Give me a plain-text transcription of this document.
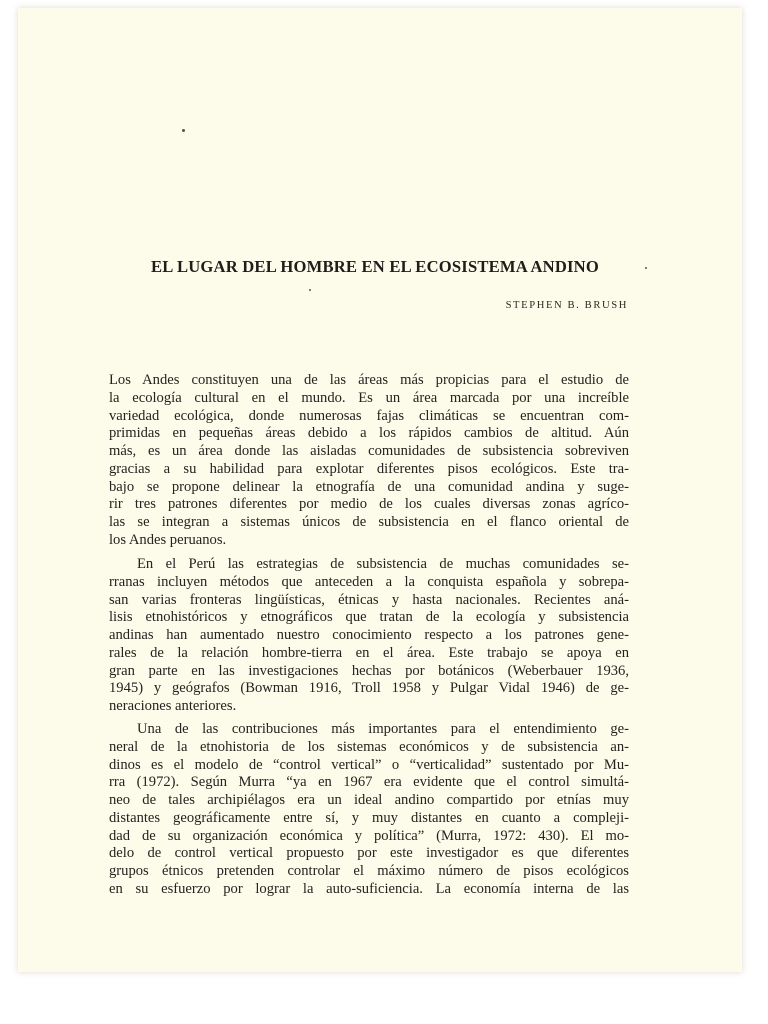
EL LUGAR DEL HOMBRE EN EL ECOSISTEMA ANDINO
STEPHEN B. BRUSH
Los Andes constituyen una de las áreas más propicias para el estudio de
la ecología cultural en el mundo. Es un área marcada por una increíble
variedad ecológica, donde numerosas fajas climáticas se encuentran com-
primidas en pequeñas áreas debido a los rápidos cambios de altitud. Aún
más, es un área donde las aisladas comunidades de subsistencia sobreviven
gracias a su habilidad para explotar diferentes pisos ecológicos. Este tra-
bajo se propone delinear la etnografía de una comunidad andina y suge-
rir tres patrones diferentes por medio de los cuales diversas zonas agríco-
las se integran a sistemas únicos de subsistencia en el flanco oriental de
los Andes peruanos.
En el Perú las estrategias de subsistencia de muchas comunidades se-
rranas incluyen métodos que anteceden a la conquista española y sobrepa-
san varias fronteras lingüísticas, étnicas y hasta nacionales. Recientes aná-
lisis etnohistóricos y etnográficos que tratan de la ecología y subsistencia
andinas han aumentado nuestro conocimiento respecto a los patrones gene-
rales de la relación hombre-tierra en el área. Este trabajo se apoya en
gran parte en las investigaciones hechas por botánicos (Weberbauer 1936,
1945) y geógrafos (Bowman 1916, Troll 1958 y Pulgar Vidal 1946) de ge-
neraciones anteriores.
Una de las contribuciones más importantes para el entendimiento ge-
neral de la etnohistoria de los sistemas económicos y de subsistencia an-
dinos es el modelo de “control vertical” o “verticalidad” sustentado por Mu-
rra (1972). Según Murra “ya en 1967 era evidente que el control simultá-
neo de tales archipiélagos era un ideal andino compartido por etnías muy
distantes geográficamente entre sí, y muy distantes en cuanto a compleji-
dad de su organización económica y política” (Murra, 1972: 430). El mo-
delo de control vertical propuesto por este investigador es que diferentes
grupos étnicos pretenden controlar el máximo número de pisos ecológicos
en su esfuerzo por lograr la auto-suficiencia. La economía interna de las
